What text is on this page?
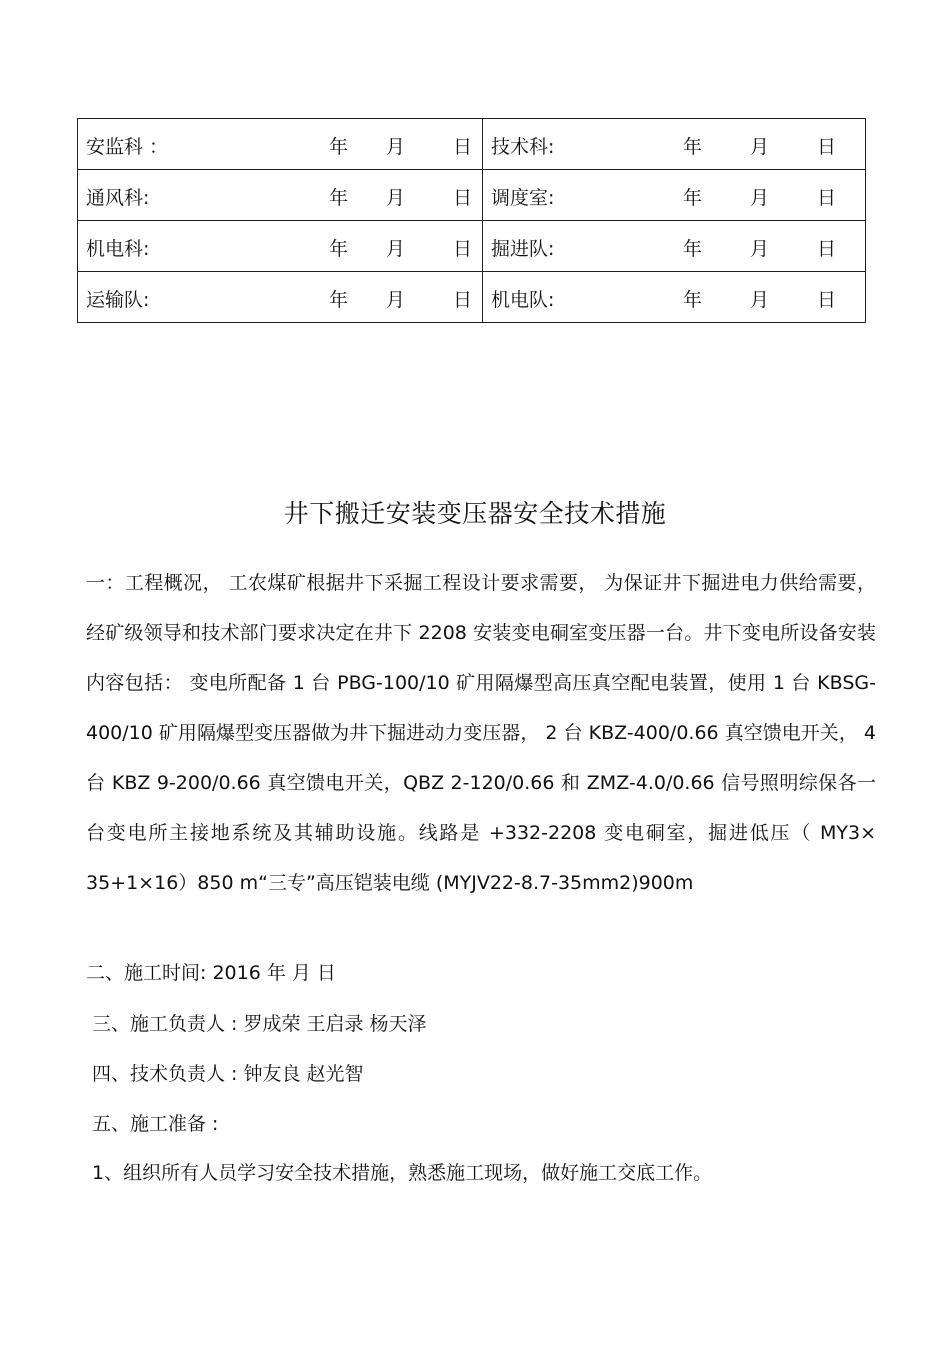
安监科 ： 年 月 日	技术科: 年 月 日

通风科: 年 月 日	调度室: 年 月 日

机电科: 年 月 日	掘进队: 年 月 日

运输队: 年 月 日	机电队: 年 月 日
井下搬迁安装变压器安全技术措施
一：工程概况， 工农煤矿根据井下采掘工程设计要求需要， 为保证井下掘进电力供给需要，经矿级领导和技术部门要求决定在井下 2208 安装变电硐室变压器一台。井下变电所设备安装内容包括： 变电所配备 1 台 PBG-100/10 矿用隔爆型高压真空配电装置，使用 1 台 KBSG-400/10 矿用隔爆型变压器做为井下掘进动力变压器， 2 台 KBZ-400/0.66 真空馈电开关， 4 台 KBZ 9-200/0.66 真空馈电开关，QBZ 2-120/0.66 和 ZMZ-4.0/0.66 信号照明综保各一台变电所主接地系统及其辅助设施。线路是 +332-2208 变电硐室，掘进低压（ MY3× 35+1×16）850 m“三专”高压铠装电缆 (MYJV22-8.7-35mm2)900m
二、施工时间: 2016 年 月 日
三、施工负责人 : 罗成荣 王启录 杨天泽
四、技术负责人 : 钟友良 赵光智
五、施工准备 :
1、组织所有人员学习安全技术措施，熟悉施工现场，做好施工交底工作。
